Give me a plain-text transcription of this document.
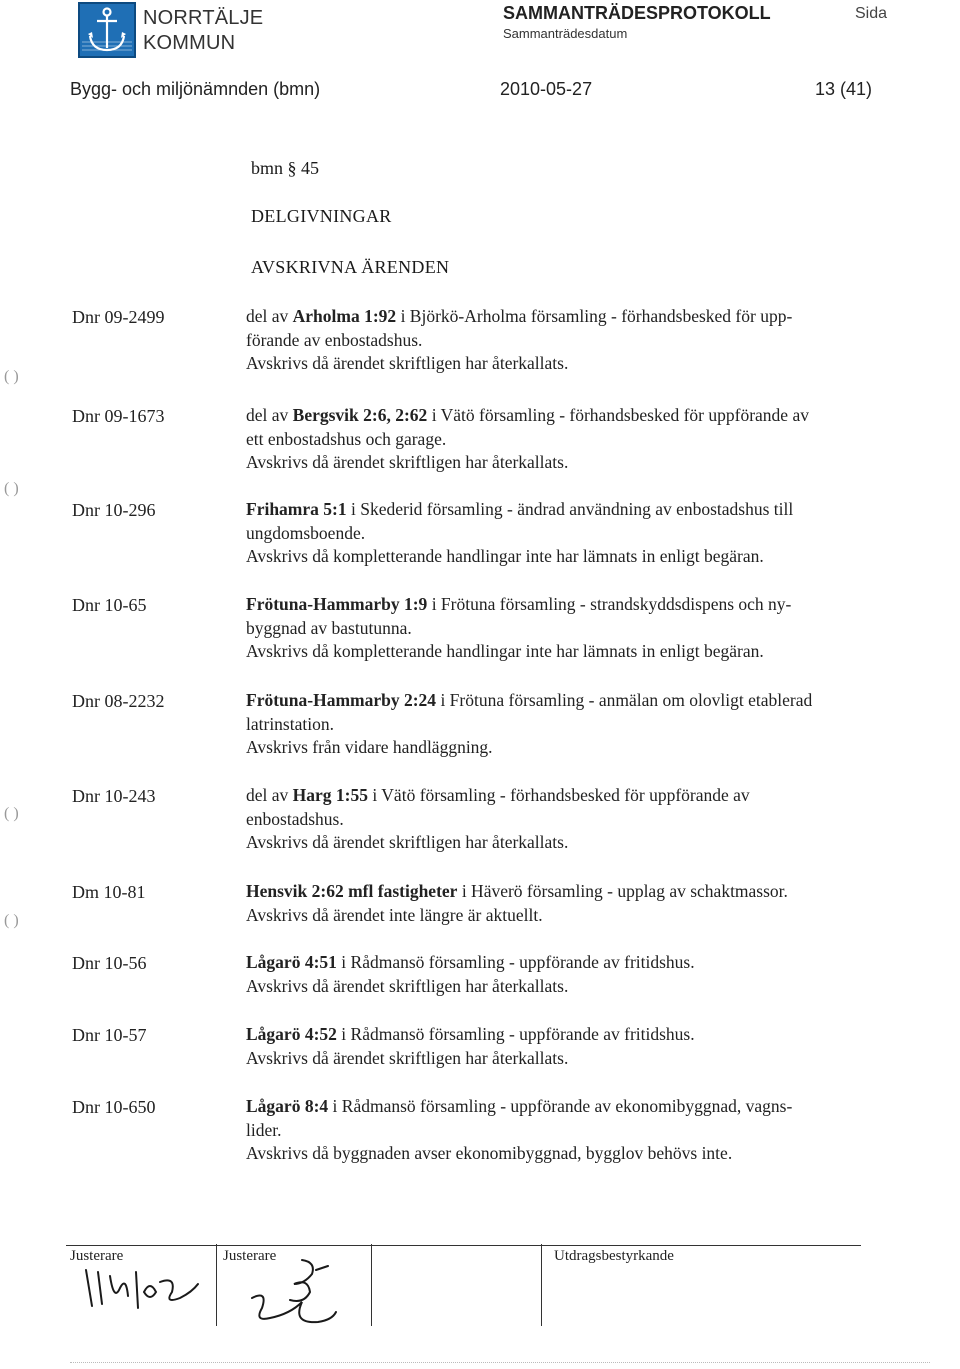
NORRTÄLJE
KOMMUN
SAMMANTRÄDESPROTOKOLL
Sammanträdesdatum
Sida
Bygg- och miljönämnden (bmn)	2010-05-27	13 (41)
bmn § 45
DELGIVNINGAR
AVSKRIVNA ÄRENDEN
Dnr 09-2499	del av Arholma 1:92 i Björkö-Arholma församling - förhandsbesked för upp-
förande av enbostadshus.

Avskrivs då ärendet skriftligen har återkallats.

Dnr 09-1673	del av Bergsvik 2:6, 2:62 i Vätö församling - förhandsbesked för uppförande av
ett enbostadshus och garage.

Avskrivs då ärendet skriftligen har återkallats.

Dnr 10-296	Frihamra 5:1 i Skederid församling - ändrad användning av enbostadshus till
ungdomsboende.

Avskrivs då kompletterande handlingar inte har lämnats in enligt begäran.

Dnr 10-65	Frötuna-Hammarby 1:9 i Frötuna församling - strandskyddsdispens och ny-
byggnad av bastutunna.

Avskrivs då kompletterande handlingar inte har lämnats in enligt begäran.

Dnr 08-2232	Frötuna-Hammarby 2:24 i Frötuna församling - anmälan om olovligt etablerad
latrinstation.

Avskrivs från vidare handläggning.

Dnr 10-243	del av Harg 1:55 i Vätö församling - förhandsbesked för uppförande av
enbostadshus.

Avskrivs då ärendet skriftligen har återkallats.

Dm 10-81	Hensvik 2:62 mfl fastigheter i Häverö församling - upplag av schaktmassor.

Avskrivs då ärendet inte längre är aktuellt.

Dnr 10-56	Lågarö 4:51 i Rådmansö församling - uppförande av fritidshus.

Avskrivs då ärendet skriftligen har återkallats.

Dnr 10-57	Lågarö 4:52 i Rådmansö församling - uppförande av fritidshus.

Avskrivs då ärendet skriftligen har återkallats.

Dnr 10-650	Lågarö 8:4 i Rådmansö församling - uppförande av ekonomibyggnad, vagns-
lider.

Avskrivs då byggnaden avser ekonomibyggnad, bygglov behövs inte.

( )
( )
( )
( )
Justerare	Justerare	Utdragsbestyrkande
